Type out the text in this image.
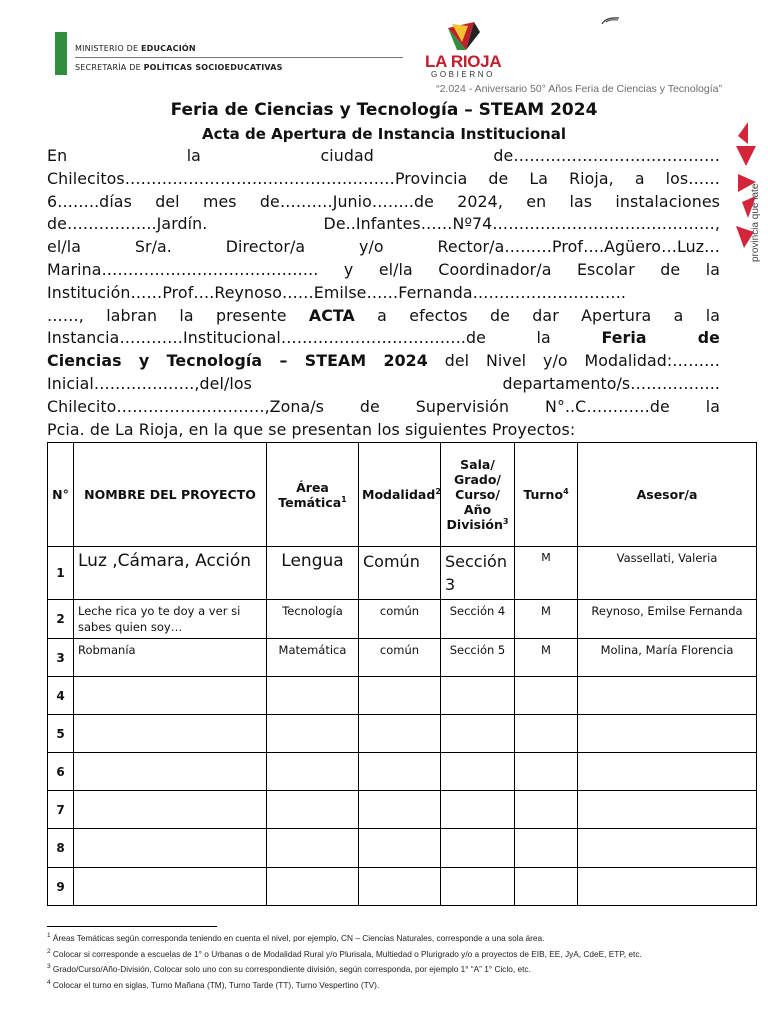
MINISTERIO DE EDUCACIÓN
SECRETARÍA DE POLÍTICAS SOCIOEDUCATIVAS	LA RIOJA
GOBIERNO
“2.024 - Aniversario 50° Años Feria de Ciencias y Tecnología”
provincia que late
Feria de Ciencias y Tecnología – STEAM 2024
Acta de Apertura de Instancia Institucional
En la ciudad de…………………………………
Chilecitos……………………………………………Provincia de La Rioja, a los……
6……..días del mes de……….Junio……..de 2024, en las instalaciones
de……………..Jardín. De..Infantes……Nº74……………………………………,
el/la Sr/a. Director/a y/o Rector/a………Prof….Agüero…Luz…
Marina………………………………….. y el/la Coordinador/a Escolar de la
Institución……Prof….Reynoso……Emilse……Fernanda………………………..
……, labran la presente ACTA a efectos de dar Apertura a la
Instancia…………Institucional……………………………..de la Feria de
Ciencias y Tecnología – STEAM 2024 del Nivel y/o Modalidad:………
Inicial……………….,del/los departamento/s……………..
Chilecito……………………….,Zona/s de Supervisión N°..C…………de la
Pcia. de La Rioja, en la que se presentan los siguientes Proyectos:
N°	NOMBRE DEL PROYECTO	Área Temática$^1$	Modalidad$^2$	Sala/ Grado/ Curso/ Año División$^3$	Turno$^4$	Asesor/a
1	Luz ,Cámara, Acción	Lengua	Común	Sección 3	M	Vassellati, Valeria
2	Leche rica yo te doy a ver si sabes quien soy…	Tecnología	común	Sección 4	M	Reynoso, Emilse Fernanda
3	Robmanía	Matemática	común	Sección 5	M	Molina, María Florencia
4						
5						
6						
7						
8						
9						
$^1$ Áreas Temáticas según corresponda teniendo en cuenta el nivel, por ejemplo, CN – Ciencias Naturales, corresponde a una sola área.
$^2$ Colocar si corresponde a escuelas de 1° o Urbanas o de Modalidad Rural y/o Plurisala, Multiedad o Plurigrado y/o a proyectos de EIB, EE, JyA, CdeE, ETP, etc.
$^3$ Grado/Curso/Año-División, Colocar solo uno con su correspondiente división, según corresponda, por ejemplo 1° “A” 1° Ciclo, etc.
$^4$ Colocar el turno en siglas, Turno Mañana (TM), Turno Tarde (TT), Turno Vespertino (TV).
